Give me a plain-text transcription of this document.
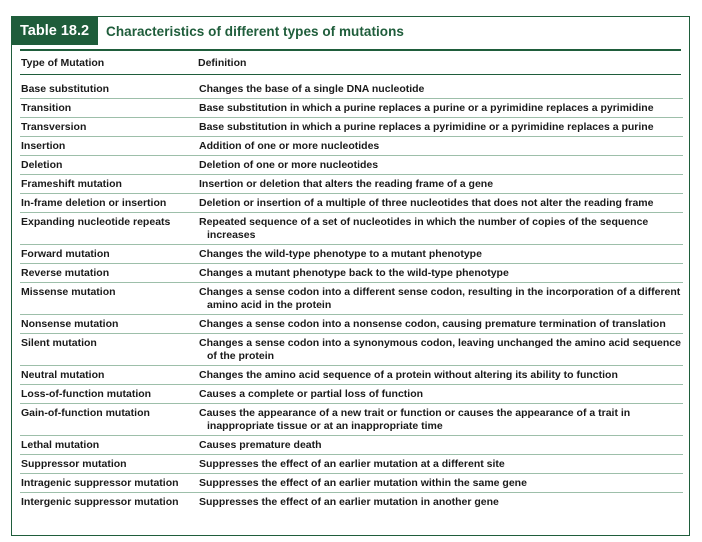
Table 18.2	Characteristics of different types of mutations
Type of Mutation	Definition
Base substitution	Changes the base of a single DNA nucleotide

Transition	Base substitution in which a purine replaces a purine or a pyrimidine replaces a pyrimidine

Transversion	Base substitution in which a purine replaces a pyrimidine or a pyrimidine replaces a purine

Insertion	Addition of one or more nucleotides

Deletion	Deletion of one or more nucleotides

Frameshift mutation	Insertion or deletion that alters the reading frame of a gene

In-frame deletion or insertion	Deletion or insertion of a multiple of three nucleotides that does not alter the reading frame

Expanding nucleotide repeats	Repeated sequence of a set of nucleotides in which the number of copies of the sequence increases

Forward mutation	Changes the wild-type phenotype to a mutant phenotype

Reverse mutation	Changes a mutant phenotype back to the wild-type phenotype

Missense mutation	Changes a sense codon into a different sense codon, resulting in the incorporation of a different amino acid in the protein

Nonsense mutation	Changes a sense codon into a nonsense codon, causing premature termination of translation

Silent mutation	Changes a sense codon into a synonymous codon, leaving unchanged the amino acid sequence of the protein

Neutral mutation	Changes the amino acid sequence of a protein without altering its ability to function

Loss-of-function mutation	Causes a complete or partial loss of function

Gain-of-function mutation	Causes the appearance of a new trait or function or causes the appearance of a trait in inappropriate tissue or at an inappropriate time

Lethal mutation	Causes premature death

Suppressor mutation	Suppresses the effect of an earlier mutation at a different site

Intragenic suppressor mutation	Suppresses the effect of an earlier mutation within the same gene

Intergenic suppressor mutation	Suppresses the effect of an earlier mutation in another gene
